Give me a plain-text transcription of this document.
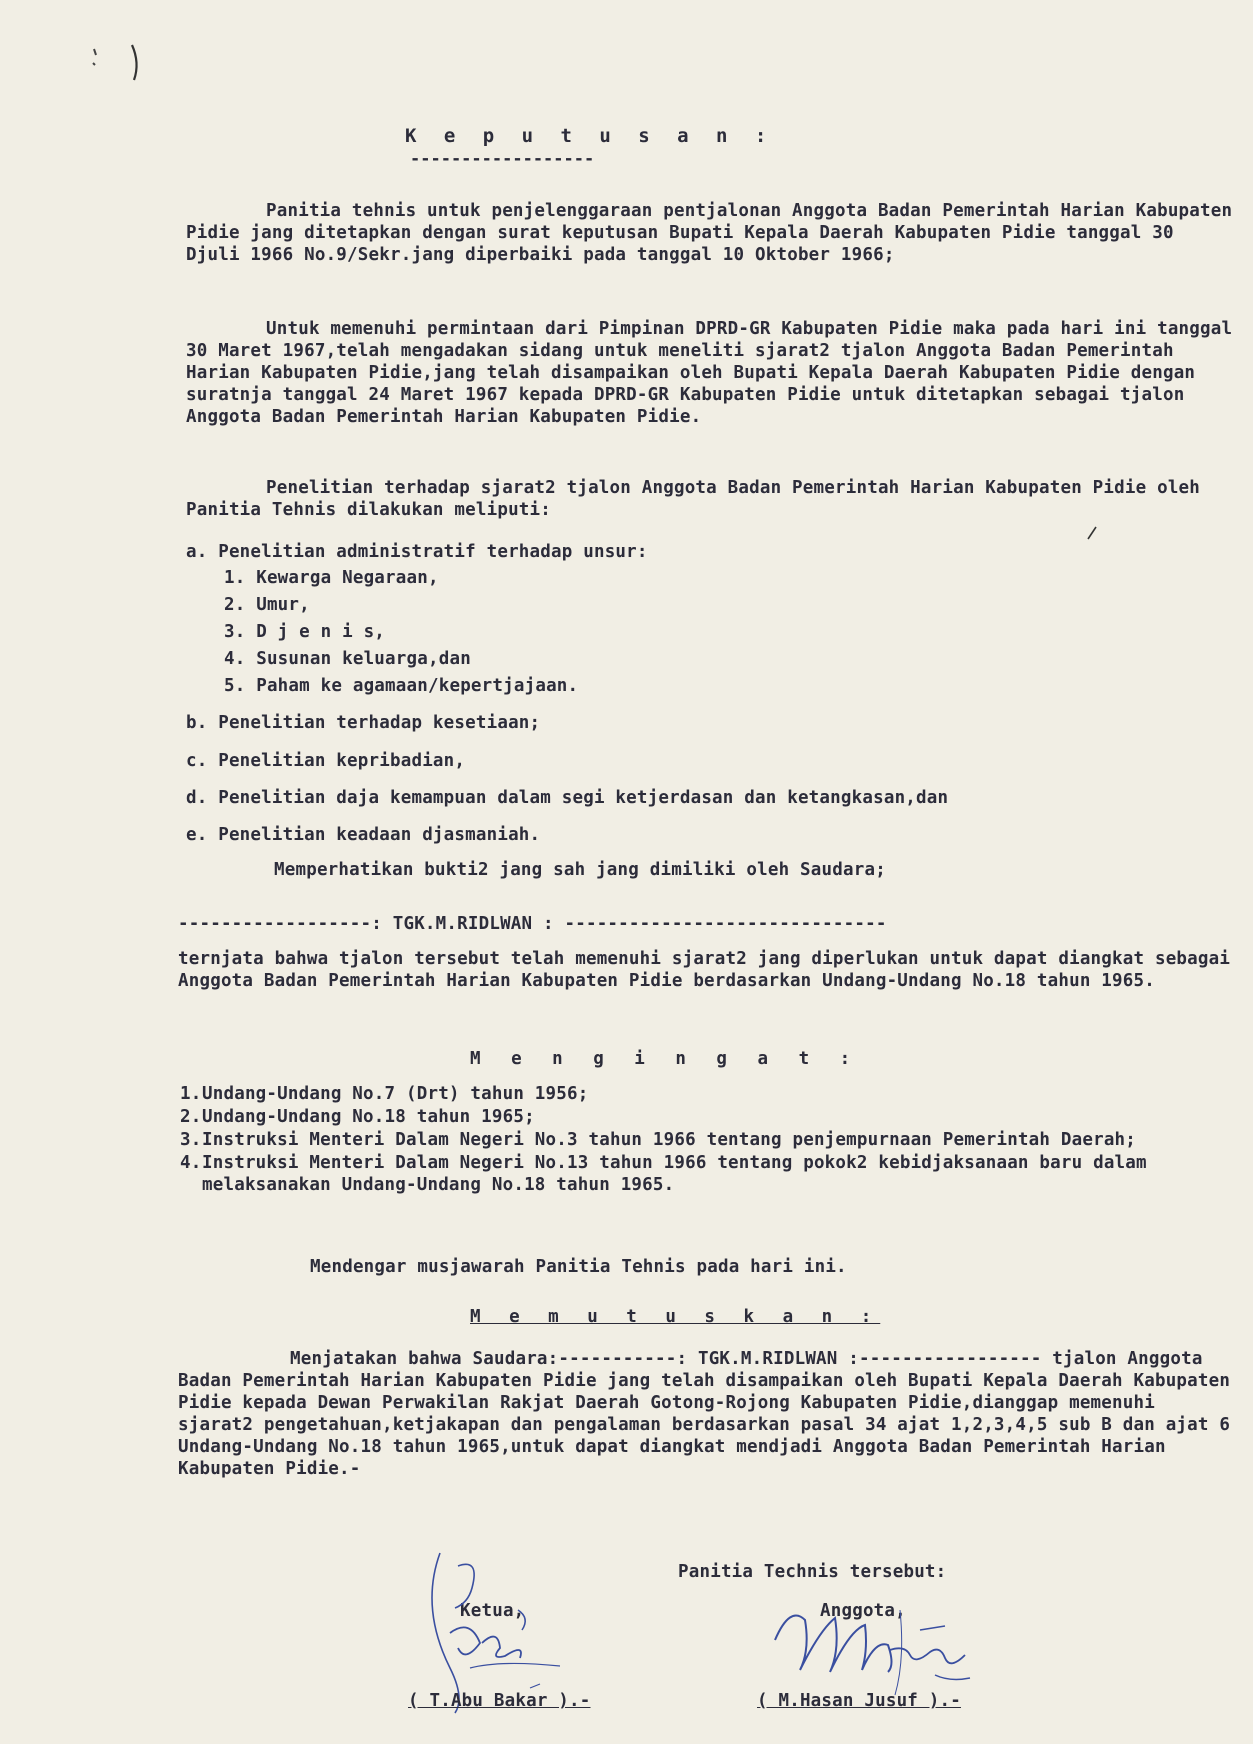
K e p u t u s a n :
------------------
Panitia tehnis untuk penjelenggaraan pentjalonan Anggota Badan Pemerintah Harian Kabupaten Pidie jang ditetapkan dengan surat keputusan Bupati Kepala Daerah Kabupaten Pidie tanggal 30 Djuli 1966 No.9/Sekr.jang diperbaiki pada tanggal 10 Oktober 1966;
Untuk memenuhi permintaan dari Pimpinan DPRD-GR Kabupaten Pidie maka pada hari ini tanggal 30 Maret 1967,telah mengadakan sidang untuk meneliti sjarat2 tjalon Anggota Badan Pemerintah Harian Kabupaten Pidie,jang telah disampaikan oleh Bupati Kepala Daerah Kabupaten Pidie dengan suratnja tanggal 24 Maret 1967 kepada DPRD-GR Kabupaten Pidie untuk ditetapkan sebagai tjalon Anggota Badan Pemerintah Harian Kabupaten Pidie.
Penelitian terhadap sjarat2 tjalon Anggota Badan Pemerintah Harian Kabupaten Pidie oleh Panitia Tehnis dilakukan meliputi:
a. Penelitian administratif terhadap unsur:
1. Kewarga Negaraan,
2. Umur,
3. D j e n i s,
4. Susunan keluarga,dan
5. Paham ke agamaan/kepertjajaan.
b. Penelitian terhadap kesetiaan;
c. Penelitian kepribadian,
d. Penelitian daja kemampuan dalam segi ketjerdasan dan ketangkasan,dan
e. Penelitian keadaan djasmaniah.
Memperhatikan bukti2 jang sah jang dimiliki oleh Saudara;
------------------: TGK.M.RIDLWAN : ------------------------------
ternjata bahwa tjalon tersebut telah memenuhi sjarat2 jang diperlukan untuk dapat diangkat sebagai Anggota Badan Pemerintah Harian Kabupaten Pidie berdasarkan Undang-Undang No.18 tahun 1965.
M e n g i n g a t :
1. Undang-Undang No.7 (Drt) tahun 1956;
2. Undang-Undang No.18 tahun 1965;
3. Instruksi Menteri Dalam Negeri No.3 tahun 1966 tentang penjempurnaan Pemerintah Daerah;
4. Instruksi Menteri Dalam Negeri No.13 tahun 1966 tentang pokok2 kebidjaksanaan baru dalam melaksanakan Undang-Undang No.18 tahun 1965.
Mendengar musjawarah Panitia Tehnis pada hari ini.
M e m u t u s k a n :
Menjatakan bahwa Saudara:-----------: TGK.M.RIDLWAN :----------------- tjalon Anggota Badan Pemerintah Harian Kabupaten Pidie jang telah disampaikan oleh Bupati Kepala Daerah Kabupaten Pidie kepada Dewan Perwakilan Rakjat Daerah Gotong-Rojong Kabupaten Pidie,dianggap memenuhi sjarat2 pengetahuan,ketjakapan dan pengalaman berdasarkan pasal 34 ajat 1,2,3,4,5 sub B dan ajat 6 Undang-Undang No.18 tahun 1965,untuk dapat diangkat mendjadi Anggota Badan Pemerintah Harian Kabupaten Pidie.-
Panitia Technis tersebut:
Ketua,	Anggota,
( T.Abu Bakar ).-	( M.Hasan Jusuf ).-
